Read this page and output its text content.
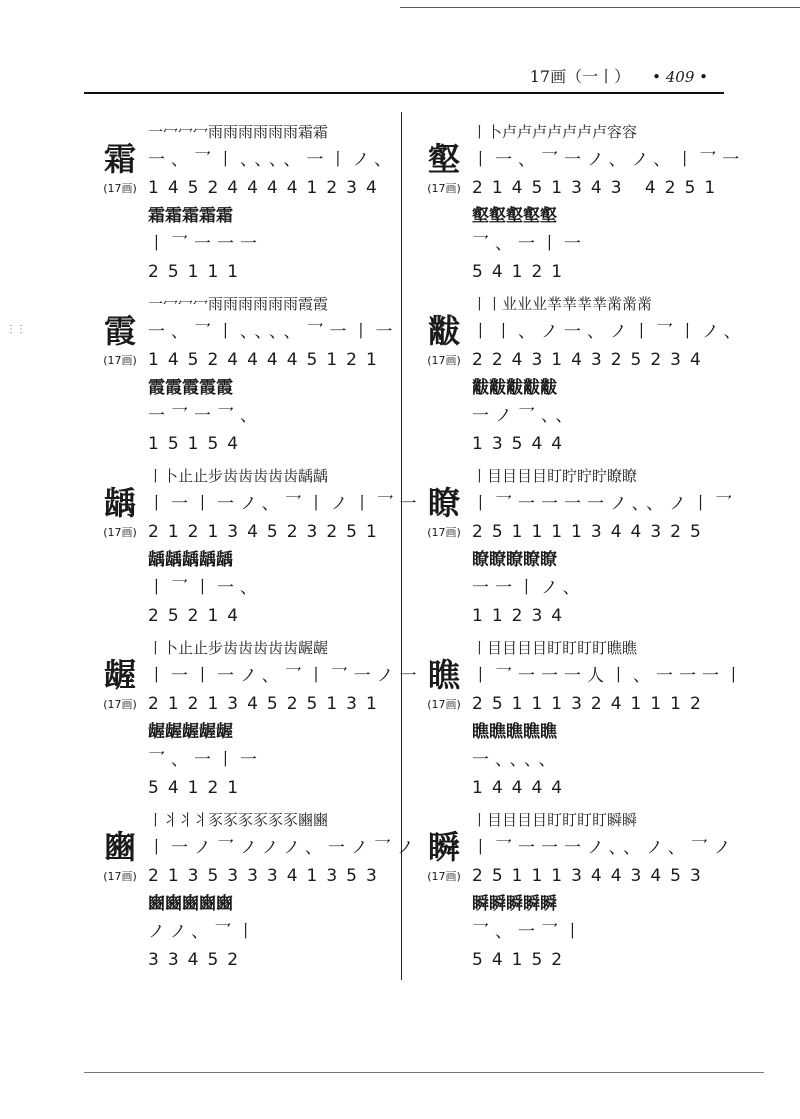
17画（一丨） • 409 •
⋮⋮
霜
(17画)
一冖冖冖雨雨雨雨雨雨霜霜
一、乛丨、、、、一丨ノ、
145244441234
霜霜霜霜霜
丨乛一一一
25111
霞
(17画)
一冖冖冖雨雨雨雨雨雨霞霞
一、乛丨、、、、乛一丨一
145244445121
霞霞霞霞霞
一乛一乛、
15154
龋
(17画)
丨卜止止步齿齿齿齿齿龋龋
丨一丨一ノ、乛丨ノ丨乛一
212134523251
龋龋龋龋龋
丨乛丨一、
25214
龌
(17画)
丨卜止止步齿齿齿齿齿龌龌
丨一丨一ノ、乛丨乛一ノ一
212134525131
龌龌龌龌龌
乛、一丨一
54121
豳
(17画)
丨丬丬丬豕豕豕豕豕豕豳豳
丨一ノ乛ノノノ、一ノ乛ノ
213533341353
豳豳豳豳豳
ノノ、乛丨
33452
壑
(17画)
丨卜卢卢卢卢卢卢卢容容
丨一、乛一ノ、ノ、丨乛一
21451343 4251
壑壑壑壑壑
乛、一丨一
54121
黻
(17画)
丨丨业业业丵丵丵丵黹黹黹
丨丨、ノ一、ノ丨乛丨ノ、
224314325234
黻黻黻黻黻
一ノ乛、、
13544
瞭
(17画)
丨目目目目盯眝眝眝瞭瞭
丨乛一一一一ノ、、ノ丨乛
251111344325
瞭瞭瞭瞭瞭
一一丨ノ、
11234
瞧
(17画)
丨目目目目盯盯盯盯瞧瞧
丨乛一一一人丨、一一一丨
251113241112
瞧瞧瞧瞧瞧
一、、、、
14444
瞬
(17画)
丨目目目目盯盯盯盯瞬瞬
丨乛一一一ノ、、ノ、乛ノ
251113443453
瞬瞬瞬瞬瞬
乛、一乛丨
54152
